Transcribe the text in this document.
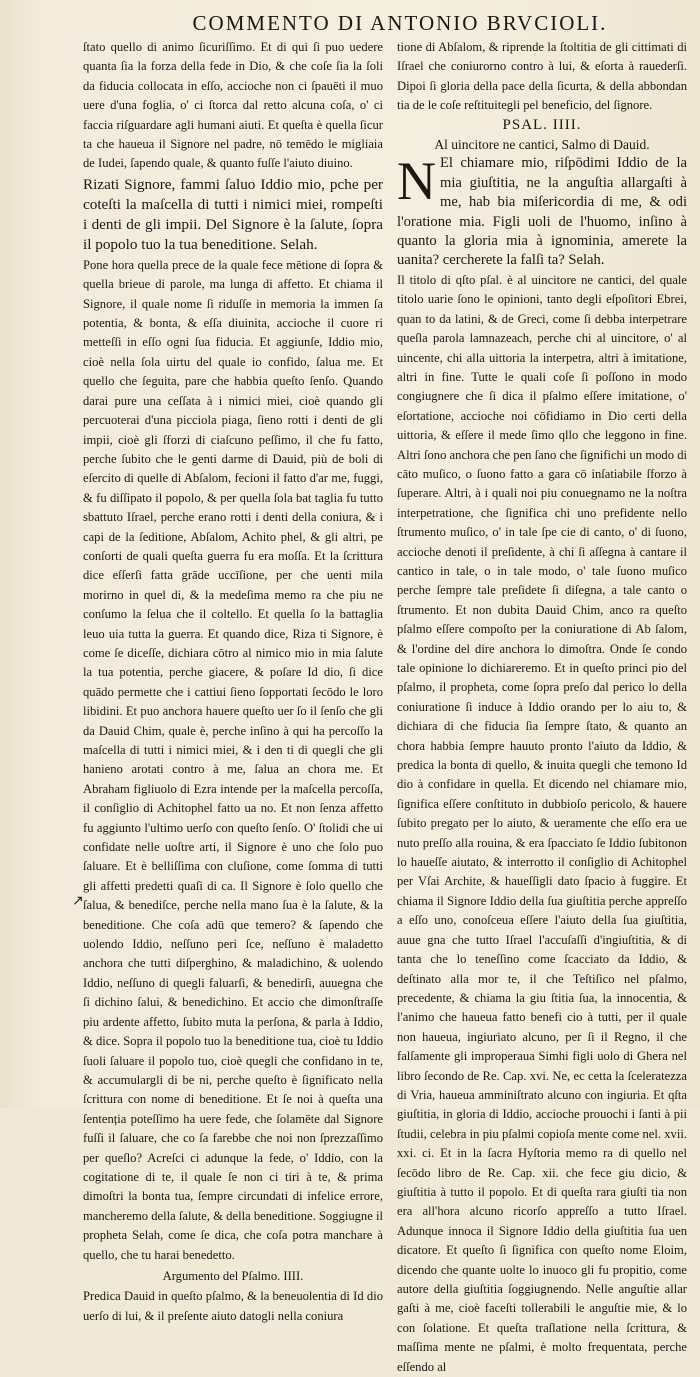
COMMENTO DI ANTONIO BRVCIOLI.
↗

ſtato quello di animo ſicuriſſimo. Et di qui ſi puo uedere quanta ſia la forza della fede in Dio, & che coſe ſia la ſoli da fiducia collocata in eſſo, accioche non ci ſpauēti il muo uere d'una foglia, o' ci ſtorca dal retto alcuna coſa, o' ci faccia riſguardare agli humani aiuti. Et queſta è quella ſicur ta che haueua il Signore nel padre, nō temēdo le migliaia de Iudei, ſapendo quale, & quanto fuſſe l'aiuto diuino.

Rizati Signore, fammi ſaluo Iddio mio, pche per coteſti la maſcella di tutti i nimici miei, rompeſti i denti de gli impii. Del Signore è la ſalute, ſopra il popolo tuo la tua beneditione. Selah.

Pone hora quella prece de la quale fece mētione di ſopra & quella brieue di parole, ma lunga di affetto. Et chiama il Signore, il quale nome ſi riduſſe in memoria la immen ſa potentia, & bonta, & eſſa diuinita, accioche il cuore ri metteſſi in eſſo ogni ſua fiducia. Et aggiunſe, Iddio mio, cioè nella ſola uirtu del quale io confido, ſalua me. Et quello che ſeguita, pare che habbia queſto ſenſo. Quando darai pure una ceſſata à i nimici miei, cioè quando gli percuoterai d'una picciola piaga, ſieno rotti i denti de gli impii, cioè gli ſforzi di ciaſcuno peſſimo, il che fu fatto, perche ſubito che le genti darme di Dauid, più de boli di eſercito di quelle di Abſalom, fecioni il fatto d'ar me, fuggi, & fu diſſipato il popolo, & per quella ſola bat taglia fu tutto sbattuto Iſrael, perche erano rotti i denti della coniura, & i capi de la ſeditione, Abſalom, Achito phel, & gli altri, pe conſorti de quali queſta guerra fu era moſſa. Et la ſcrittura dice eſſerſi fatta grāde uccīſione, per che uenti mila morirno in quel di, & la medeſima memo ra che piu ne conſumo la ſelua che il coltello. Et quella ſo la battaglia leuo uia tutta la guerra. Et quando dice, Riza ti Signore, è come ſe diceſſe, dichiara cōtro al nimico mio in mia ſalute la tua potentia, perche giacere, & poſare Id dio, ſi dice quādo permette che i cattiui ſieno ſopportati ſecōdo le loro libidini. Et puo anchora hauere queſto uer ſo il ſenſo che gli da Dauid Chim, quale è, perche inſino à qui ha percoſſo la maſcella di tutti i nimici miei, & i den ti di quegli che gli hanieno arotati contro à me, ſalua an chora me. Et Abraham figliuolo di Ezra intende per la maſcella percoſſa, il conſiglio di Achitophel fatto ua no. Et non ſenza affetto fu aggiunto l'ultimo uerſo con queſto ſenſo. O' ſtolidi che ui confidate nelle uoſtre arti, il Signore è uno che ſolo puo ſaluare. Et è belliſſima con cluſione, come ſomma di tutti gli affetti predetti quaſi di ca. Il Signore è ſolo quello che ſalua, & benediſce, perche nella mano ſua è la ſalute, & la beneditione. Che coſa adū que temero? & ſapendo che uolendo Iddio, neſſuno peri ſce, neſſuno è maladetto anchora che tutti diſperghino, & maladichino, & uolendo Iddio, neſſuno di quegli faluarſi, & benedirſi, auuegna che ſi dichino ſalui, & benedichino. Et accio che dimonſtraſſe piu ardente affetto, ſubito muta la perſona, & parla à Iddio, & dice. Sopra il popolo tuo la beneditione tua, cioè tu Iddio ſuoli ſaluare il popolo tuo, cioè quegli che confidano in te, & accumulargli di be ni, perche queſto è ſignificato nella ſcrittura con nome di beneditione. Et ſe noi à queſta una ſentenția poteſſimo ha uere fede, che ſolamēte dal Signore fuſſi il ſaluare, che co ſa farebbe che noi non ſprezzaſſimo per queſlo? Acreſci ci adunque la fede, o' Iddio, con la cogitatione di te, il quale ſe non ci tiri à te, & prima dimoſtri la bonta tua, ſempre circundati di infelice errore, mancheremo della ſalute, & della beneditione. Soggiugne il propheta Selah, come ſe dica, che coſa potra manchare à quello, che tu harai benedetto.

Argumento del Pſalmo. IIII.

Predica Dauid in queſto pſalmo, & la beneuolentia di Id dio uerſo di lui, & il preſente aiuto datogli nella coniura

tione di Abſalom, & riprende la ſtoltitia de gli cittimati di Iſrael che coniurorno contro à lui, & eſorta à rauederſi. Dipoi ſi gloria della pace della ſicurta, & della abbondan tia de le coſe reſtituitegli pel beneficio, del ſignore.

PSAL. IIII.

Al uincitore ne cantici, Salmo di Dauid.

N El chiamare mio, riſpōdimi Iddio de la mia giuſtitia, ne la anguſtia allargaſti à me, hab bia miſericordia di me, & odi l'oratione mia. Figli uoli de l'huomo, inſino à quanto la gloria mia à ignominia, amerete la uanita? cercherete la falſi ta? Selah.

Il titolo di qſto pſal. è al uincitore ne cantici, del quale titolo uarie ſono le opinioni, tanto degli eſpoſitori Ebrei, quan to da latini, & de Greci, come ſi debba interpetrare queſla parola lamnazeach, perche chi al uincitore, o' al uincente, chi alla uittoria la interpetra, altri à imitatione, altri in fine. Tutte le quali coſe ſi poſſono in modo congiugnere che ſi dica il pſalmo eſſere imitatione, o' eſortatione, accioche noi cōfidiamo in Dio certi della uittoria, & eſſere il mede ſimo qllo che leggono in fine. Altri ſono anchora che pen ſano che ſignifichi un modo di cāto muſico, o ſuono fatto a gara cō inſatiabile ſforzo à ſuperare. Altri, à i quali noi piu conuegnamo ne la noſtra interpetratione, che ſignifica chi uno prefidente nello ſtrumento muſico, o' in tale ſpe cie di canto, o' di ſuono, accioche denoti il preſidente, à chi ſi aſſegna à cantare il cantico in tale, o in tale modo, o' tale ſuono muſico perche ſempre tale preſidete ſi diſegna, a tale canto o ſtrumento. Et non dubita Dauid Chim, anco ra queſto pſalmo eſſere compoſto per la coniuratione di Ab ſalom, & l'ordine del dire anchora lo dimoſtra. Onde ſe condo tale opinione lo dichiareremo. Et in queſto princi pio del pſalmo, il propheta, come ſopra preſo dal perico lo della coniuratione ſi induce à Iddio orando per lo aiu to, & dichiara di che fiducia ſia ſempre ſtato, & quanto an chora habbia ſempre hauuto pronto l'aiuto da Iddio, & predica la bonta di quello, & inuita quegli che temono Id dio à confidare in quella. Et dicendo nel chiamare mio, ſignifica eſſere conſtituto in dubbioſo pericolo, & hauere ſubito pregato per lo aiuto, & ueramente che eſſo era ue nuto preſſo alla rouina, & era ſpacciato ſe Iddio ſubitonon lo haueſſe aiutato, & interrotto il conſiglio di Achitophel per Vſai Archite, & haueſſigli dato ſpacio à fuggire. Et chiama il Signore Iddio della ſua giuſtitia perche appreſſo a eſſo uno, conoſceua eſſere l'aiuto della ſua giuſtitia, auue gna che tutto Iſrael l'accuſaſſi d'ingiuſtitia, & di tanta che lo teneſſino come ſcacciato da Iddio, & deſtinato alla mor te, il che Teſtiſico nel pſalmo, precedente, & chiama la giu ſtitia ſua, la innocentia, & l'animo che haueua fatto benefi cio à tutti, per il quale non haueua, ingiuriato alcuno, per ſi il Regno, il che falſamente gli improperaua Simhi figli uolo di Ghera nel libro ſecondo de Re. Cap. xvi. Ne, ec cetta la ſceleratezza di Vria, haueua amminiſtrato alcuno con ingiuria. Et qſta giuſtitia, in gloria di Iddio, accioche prouochi i ſanti à pii ſtudii, celebra in piu pſalmi copioſa mente come nel. xvii. xxi. ci. Et in la ſacra Hyſtoria memo ra di quello nel ſecōdo libro de Re. Cap. xii. che fece giu dicio, & giuſtitia à tutto il popolo. Et di queſta rara giuſti tia non era all'hora alcuno ricorſo appreſſo a tutto Iſrael. Adunque innoca il Signore Iddio della giuſtitia ſua uen dicatore. Et queſto ſi ſignifica con queſto nome Eloim, dicendo che quante uolte lo inuoco gli fu propitio, come autore della giuſtitia ſoggiugnendo. Nelle anguſtie allar gaſti à me, cioè faceſti tollerabili le anguſtie mie, & lo con ſolatione. Et queſta traſlatione nella ſcrittura, & maſſima mente ne pſalmi, è molto frequentata, perche eſſendo al
